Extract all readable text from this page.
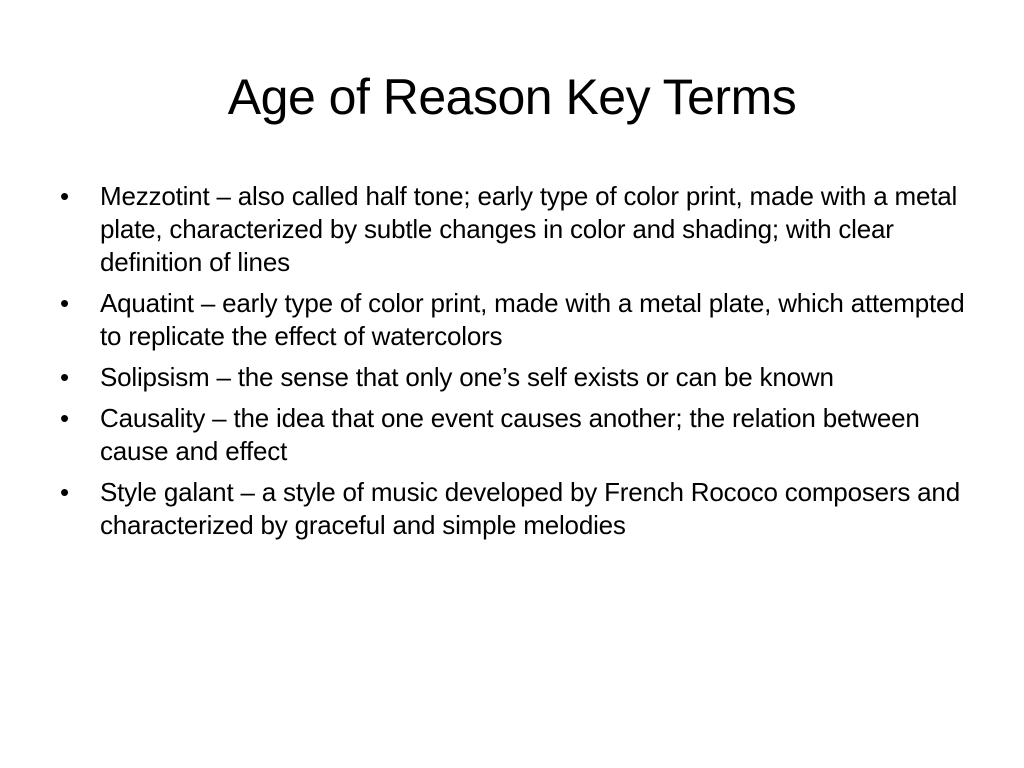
Age of Reason Key Terms
•	Mezzotint – also called half tone; early type of color print, made with a metal plate, characterized by subtle changes in color and shading; with clear definition of lines
•	Aquatint – early type of color print, made with a metal plate, which attempted to replicate the effect of watercolors
•	Solipsism – the sense that only one’s self exists or can be known
•	Causality – the idea that one event causes another; the relation between cause and effect
•	Style galant – a style of music developed by French Rococo composers and characterized by graceful and simple melodies
